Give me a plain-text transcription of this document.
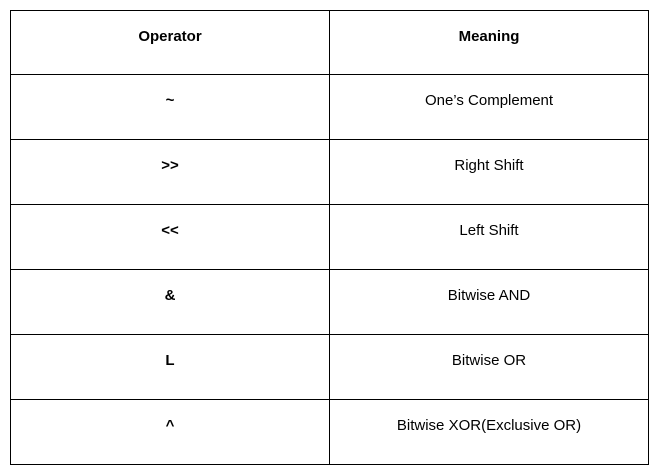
Operator	Meaning
~	One’s Complement
>>	Right Shift
<<	Left Shift
&	Bitwise AND
L	Bitwise OR
^	Bitwise XOR(Exclusive OR)
